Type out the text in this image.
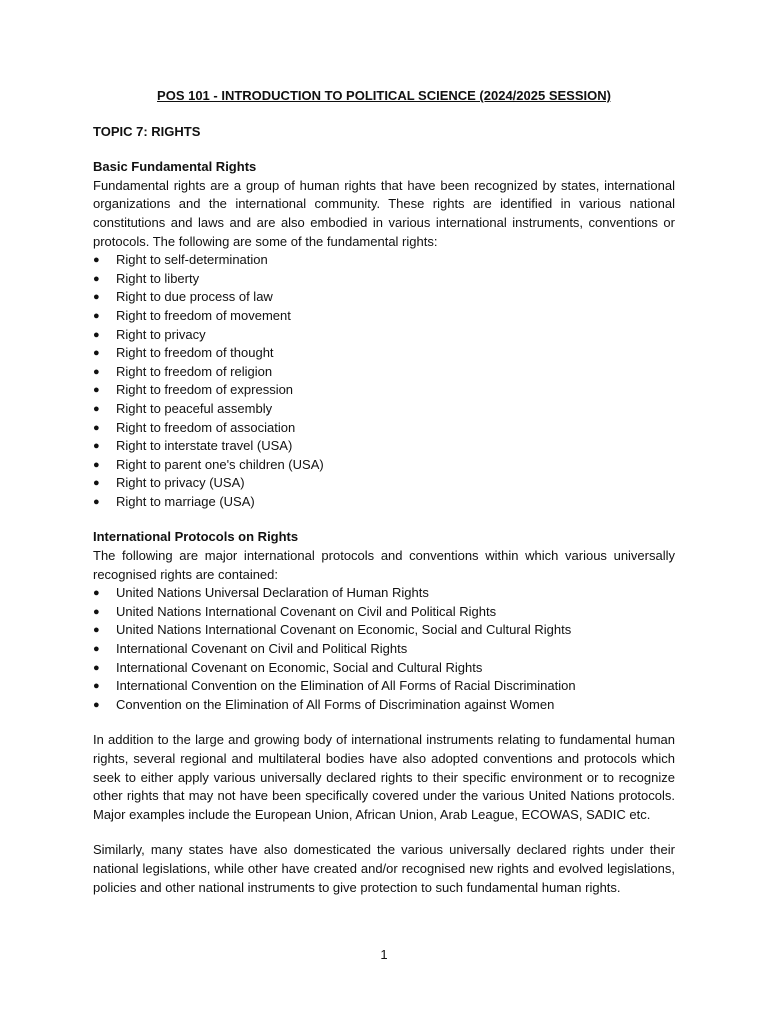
POS 101 - INTRODUCTION TO POLITICAL SCIENCE (2024/2025 SESSION)

TOPIC 7: RIGHTS

Basic Fundamental Rights

Fundamental rights are a group of human rights that have been recognized by states, international organizations and the international community. These rights are identified in various national constitutions and laws and are also embodied in various international instruments, conventions or protocols. The following are some of the fundamental rights:

● Right to self-determination
● Right to liberty
● Right to due process of law
● Right to freedom of movement
● Right to privacy
● Right to freedom of thought
● Right to freedom of religion
● Right to freedom of expression
● Right to peaceful assembly
● Right to freedom of association
● Right to interstate travel (USA)
● Right to parent one's children (USA)
● Right to privacy (USA)
● Right to marriage (USA)

International Protocols on Rights

The following are major international protocols and conventions within which various universally recognised rights are contained:

● United Nations Universal Declaration of Human Rights
● United Nations International Covenant on Civil and Political Rights
● United Nations International Covenant on Economic, Social and Cultural Rights
● International Covenant on Civil and Political Rights
● International Covenant on Economic, Social and Cultural Rights
● International Convention on the Elimination of All Forms of Racial Discrimination
● Convention on the Elimination of All Forms of Discrimination against Women

In addition to the large and growing body of international instruments relating to fundamental human rights, several regional and multilateral bodies have also adopted conventions and protocols which seek to either apply various universally declared rights to their specific environment or to recognize other rights that may not have been specifically covered under the various United Nations protocols. Major examples include the European Union, African Union, Arab League, ECOWAS, SADIC etc.

Similarly, many states have also domesticated the various universally declared rights under their national legislations, while other have created and/or recognised new rights and evolved legislations, policies and other national instruments to give protection to such fundamental human rights.

1
